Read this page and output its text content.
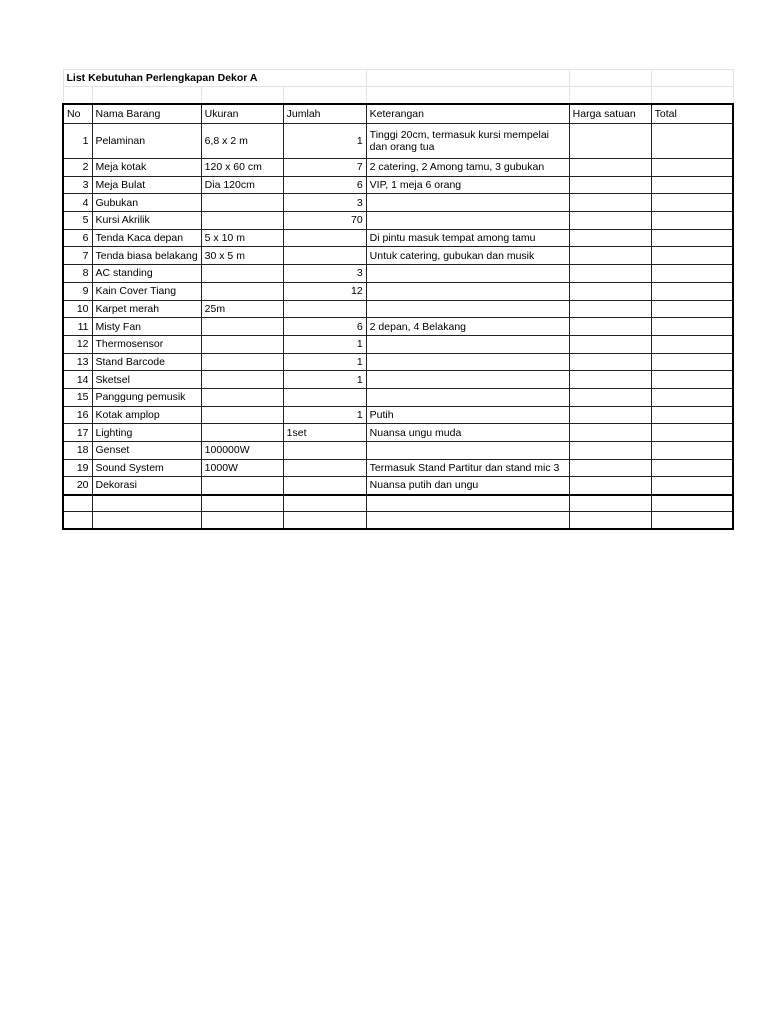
List Kebutuhan Perlengkapan Dekor A						

No	Nama Barang	Ukuran	Jumlah	Keterangan	Harga satuan	Total
1	Pelaminan	6,8 x 2 m	1	Tinggi 20cm, termasuk kursi mempelai dan orang tua		
2	Meja kotak	120 x 60 cm	7	2 catering, 2 Among tamu, 3 gubukan		
3	Meja Bulat	Dia 120cm	6	VIP, 1 meja 6 orang		
4	Gubukan		3			
5	Kursi Akrilik		70			
6	Tenda Kaca depan	5 x 10 m		Di pintu masuk tempat among tamu		
7	Tenda biasa belakang	30 x 5 m		Untuk catering, gubukan dan musik		
8	AC standing		3			
9	Kain Cover Tiang		12			
10	Karpet merah	25m				
11	Misty Fan		6	2 depan, 4 Belakang		
12	Thermosensor		1			
13	Stand Barcode		1			
14	Sketsel		1			
15	Panggung pemusik					
16	Kotak amplop		1	Putih		
17	Lighting		1set	Nuansa ungu muda		
18	Genset	100000W				
19	Sound System	1000W		Termasuk Stand Partitur dan stand mic 3		
20	Dekorasi			Nuansa putih dan ungu		
